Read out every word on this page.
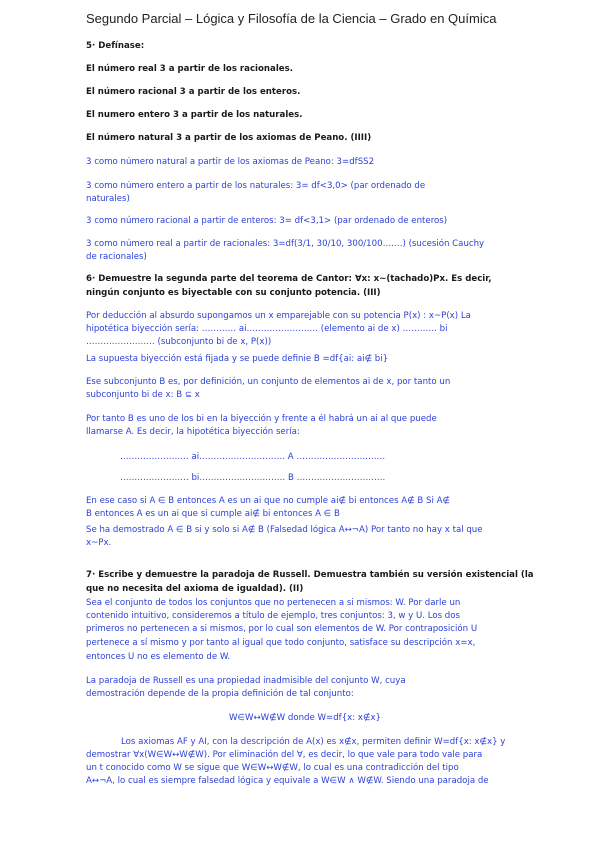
Segundo Parcial – Lógica y Filosofía de la Ciencia – Grado en Química
5· Defínase:
El número real 3 a partir de los racionales.
El número racional 3 a partir de los enteros.
El numero entero 3 a partir de los naturales.
El número natural 3 a partir de los axiomas de Peano. (IIII)
3 como número natural a partir de los axiomas de Peano: 3=dfSS2
3 como número entero a partir de los naturales: 3= df<3,0> (par ordenado de
naturales)
3 como número racional a partir de enteros: 3= df<3,1> (par ordenado de enteros)
3 como número real a partir de racionales: 3=df(3/1, 30/10, 300/100…….) (sucesión Cauchy
de racionales)
6· Demuestre la segunda parte del teorema de Cantor: ∀x: x~(tachado)Px. Es decir,
ningún conjunto es biyectable con su conjunto potencia. (III)
Por deducción al absurdo supongamos un x emparejable con su potencia P(x) : x~P(x) La
hipotética biyección sería: ………… ai……………………. (elemento ai de x) ………… bi
…………………… (subconjunto bi de x, P(x))
La supuesta biyección está fijada y se puede definie B =df{ai: ai∉ bi}
Ese subconjunto B es, por definición, un conjunto de elementos ai de x, por tanto un
subconjunto bi de x: B ⊆ x
Por tanto B es uno de los bi en la biyección y frente a él habrá un ai al que puede
llamarse A. Es decir, la hipotética biyección sería:
…………………… ai………………………… A ………………………….
…………………… bi………………………… B ………………………….
En ese caso si A ∈ B entonces A es un ai que no cumple ai∉ bi entonces A∉ B Si A∉
B entonces A es un ai que si cumple ai∉ bi entonces A ∈ B
Se ha demostrado A ∈ B si y solo si A∉ B (Falsedad lógica A↔¬A) Por tanto no hay x tal que
x~Px.
7· Escribe y demuestre la paradoja de Russell. Demuestra también su versión existencial (la
que no necesita del axioma de igualdad). (II)
Sea el conjunto de todos los conjuntos que no pertenecen a si mismos: W. Por darle un
contenido intuitivo, consideremos a título de ejemplo, tres conjuntos: 3, w y U. Los dos
primeros no pertenecen a si mismos, por lo cual son elementos de W. Por contraposición U
pertenece a sí mismo y por tanto al igual que todo conjunto, satisface su descripción x=x,
entonces U no es elemento de W.
La paradoja de Russell es una propiedad inadmisible del conjunto W, cuya
demostración depende de la propia definición de tal conjunto:
W∈W↔W∉W donde W=df{x: x∉x}
Los axiomas AF y AI, con la descripción de A(x) es x∉x, permiten definir W=df{x: x∉x} y
demostrar ∀x(W∈W↔W∉W). Por eliminación del ∀, es decir, lo que vale para todo vale para
un t conocido como W se sigue que W∈W↔W∉W, lo cual es una contradicción del tipo
A↔¬A, lo cual es siempre falsedad lógica y equivale a W∈W ∧ W∉W. Siendo una paradoja de
